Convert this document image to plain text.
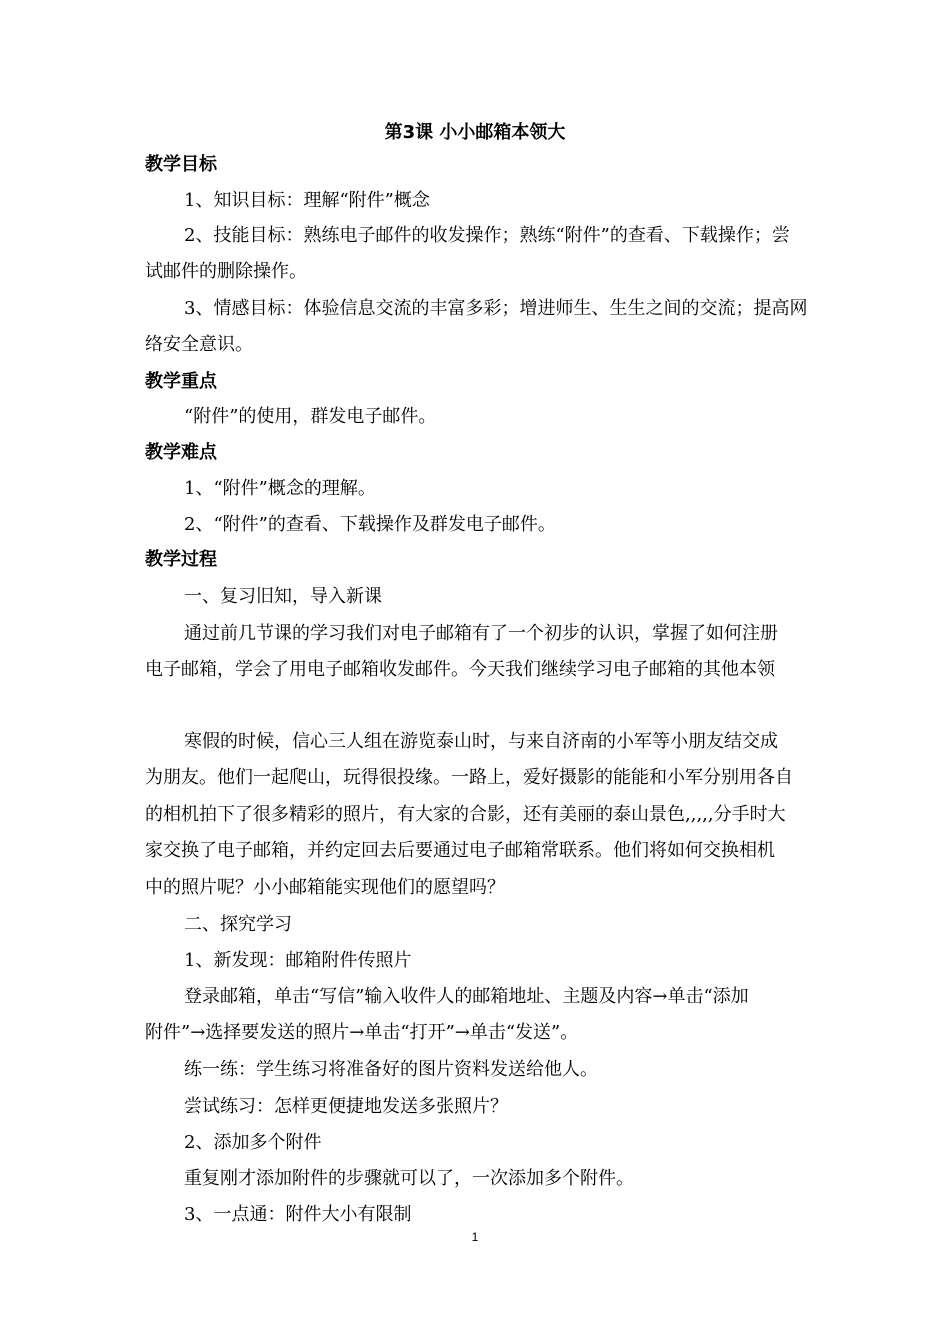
第3课 小小邮箱本领大
教学目标
1、知识目标：理解“附件”概念
2、技能目标：熟练电子邮件的收发操作；熟练“附件”的查看、下载操作；尝
试邮件的删除操作。
3、情感目标：体验信息交流的丰富多彩；增进师生、生生之间的交流；提高网
络安全意识。
教学重点
“附件”的使用，群发电子邮件。
教学难点
1、“附件”概念的理解。
2、“附件”的查看、下载操作及群发电子邮件。
教学过程
一、复习旧知，导入新课
通过前几节课的学习我们对电子邮箱有了一个初步的认识，掌握了如何注册
电子邮箱，学会了用电子邮箱收发邮件。今天我们继续学习电子邮箱的其他本领
寒假的时候，信心三人组在游览泰山时，与来自济南的小军等小朋友结交成
为朋友。他们一起爬山，玩得很投缘。一路上，爱好摄影的能能和小军分别用各自
的相机拍下了很多精彩的照片，有大家的合影，还有美丽的泰山景色,,,,,分手时大
家交换了电子邮箱，并约定回去后要通过电子邮箱常联系。他们将如何交换相机
中的照片呢？小小邮箱能实现他们的愿望吗？
二、探究学习
1、新发现：邮箱附件传照片
登录邮箱，单击“写信”输入收件人的邮箱地址、主题及内容→单击“添加
附件”→选择要发送的照片→单击“打开”→单击“发送”。
练一练：学生练习将准备好的图片资料发送给他人。
尝试练习：怎样更便捷地发送多张照片？
2、添加多个附件
重复刚才添加附件的步骤就可以了，一次添加多个附件。
3、一点通：附件大小有限制
1
